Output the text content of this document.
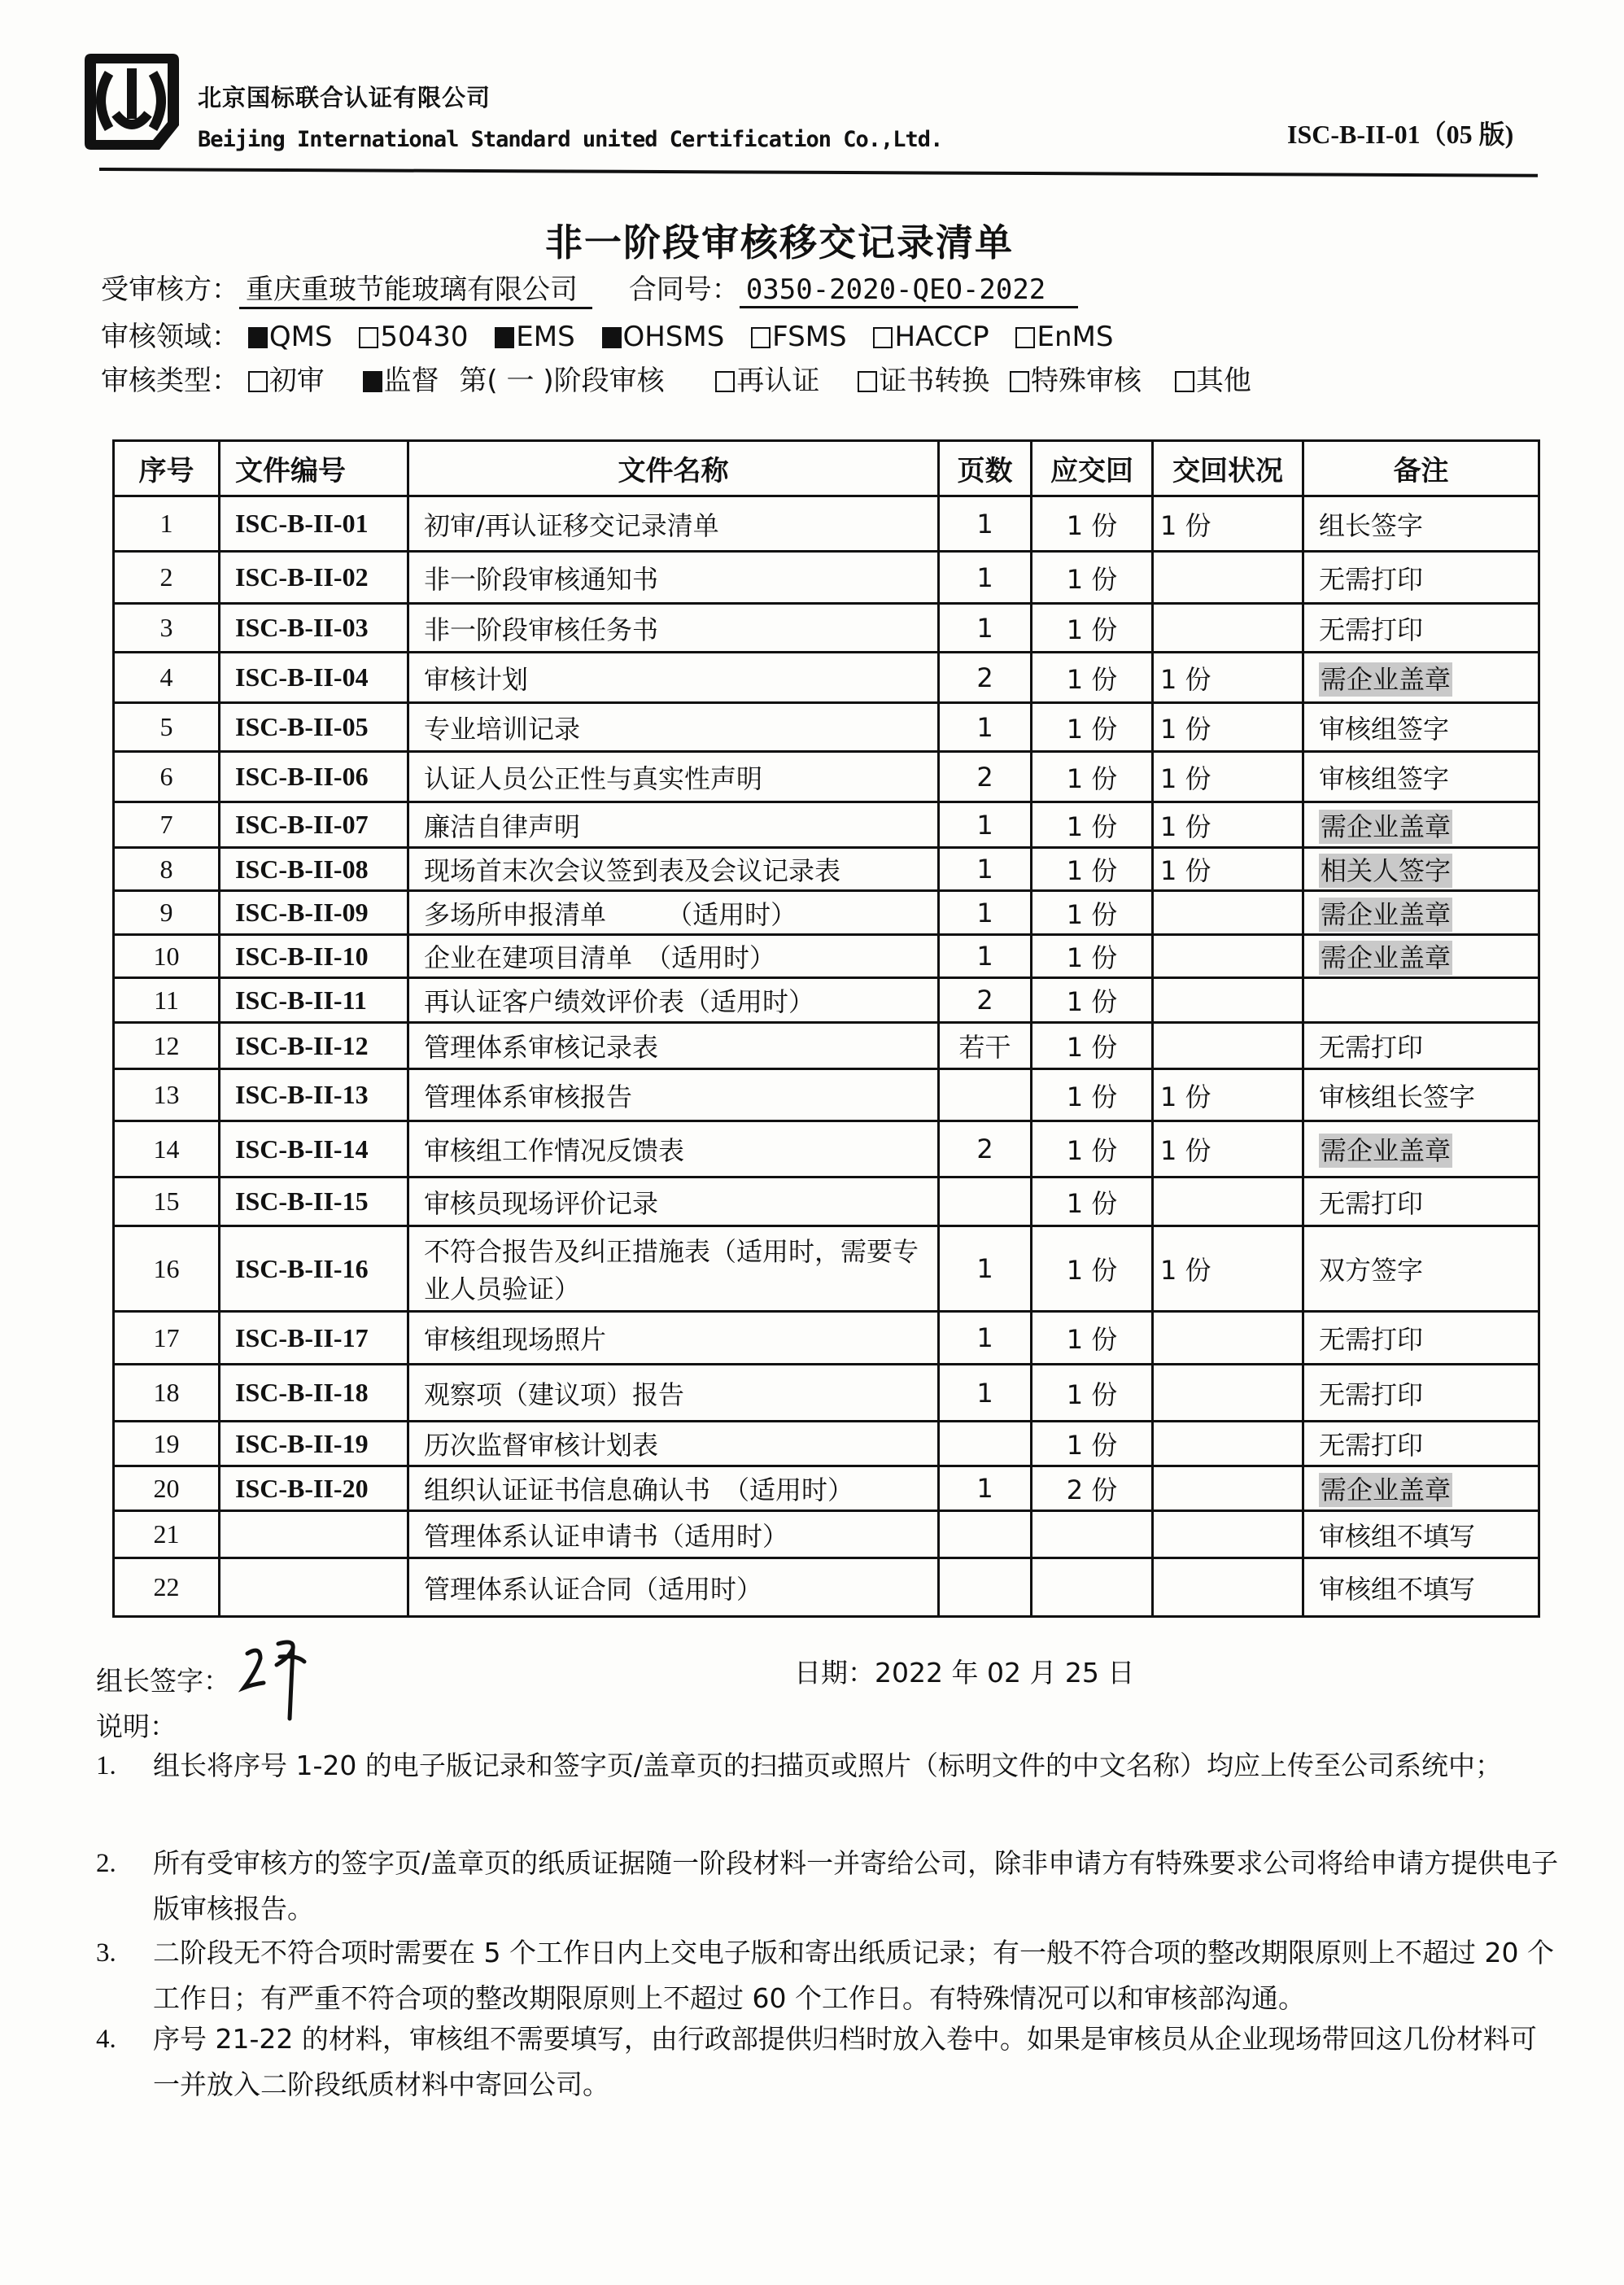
北京国标联合认证有限公司
Beijing International Standard united Certification Co.,Ltd.	ISC-B-II-01（05 版)
非一阶段审核移交记录清单
受审核方： 重庆重玻节能玻璃有限公司 合同号： 0350-2020-QEO-2022
审核领域： QMS 50430 EMS OHSMS FSMS HACCP EnMS
审核类型： 初审 监督 第( 一 )阶段审核	再认证 证书转换 特殊审核 其他
序号	文件编号	文件名称	页数	应交回	交回状况	备注
1	ISC-B-II-01	初审/再认证移交记录清单	1	1 份	1 份	组长签字
2	ISC-B-II-02	非一阶段审核通知书	1	1 份		无需打印
3	ISC-B-II-03	非一阶段审核任务书	1	1 份		无需打印
4	ISC-B-II-04	审核计划	2	1 份	1 份	需企业盖章
5	ISC-B-II-05	专业培训记录	1	1 份	1 份	审核组签字
6	ISC-B-II-06	认证人员公正性与真实性声明	2	1 份	1 份	审核组签字
7	ISC-B-II-07	廉洁自律声明	1	1 份	1 份	需企业盖章
8	ISC-B-II-08	现场首末次会议签到表及会议记录表	1	1 份	1 份	相关人签字
9	ISC-B-II-09	多场所申报清单　　 （适用时）	1	1 份		需企业盖章
10	ISC-B-II-10	企业在建项目清单　（适用时）	1	1 份		需企业盖章
11	ISC-B-II-11	再认证客户绩效评价表（适用时）	2	1 份		
12	ISC-B-II-12	管理体系审核记录表	若干	1 份		无需打印
13	ISC-B-II-13	管理体系审核报告		1 份	1 份	审核组长签字
14	ISC-B-II-14	审核组工作情况反馈表	2	1 份	1 份	需企业盖章
15	ISC-B-II-15	审核员现场评价记录		1 份		无需打印
16	ISC-B-II-16	不符合报告及纠正措施表（适用时，需要专业人员验证）	1	1 份	1 份	双方签字
17	ISC-B-II-17	审核组现场照片	1	1 份		无需打印
18	ISC-B-II-18	观察项（建议项）报告	1	1 份		无需打印
19	ISC-B-II-19	历次监督审核计划表		1 份		无需打印
20	ISC-B-II-20	组织认证证书信息确认书　（适用时）	1	2 份		需企业盖章
21		管理体系认证申请书（适用时）				审核组不填写
22		管理体系认证合同（适用时）				审核组不填写
组长签字：	日期：2022 年 02 月 25 日
说明：
1. 组长将序号 1-20 的电子版记录和签字页/盖章页的扫描页或照片（标明文件的中文名称）均应上传至公司系统中；
2. 所有受审核方的签字页/盖章页的纸质证据随一阶段材料一并寄给公司，除非申请方有特殊要求公司将给申请方提供电子版审核报告。
3. 二阶段无不符合项时需要在 5 个工作日内上交电子版和寄出纸质记录；有一般不符合项的整改期限原则上不超过 20 个工作日；有严重不符合项的整改期限原则上不超过 60 个工作日。有特殊情况可以和审核部沟通。
4. 序号 21-22 的材料，审核组不需要填写，由行政部提供归档时放入卷中。如果是审核员从企业现场带回这几份材料可一并放入二阶段纸质材料中寄回公司。
